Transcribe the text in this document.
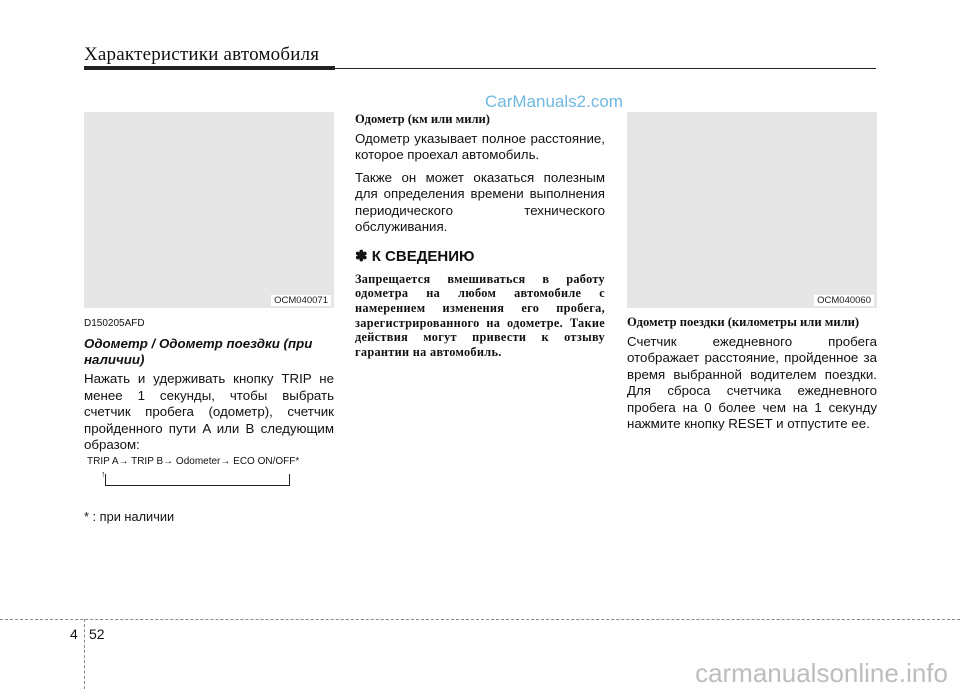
Характеристики автомобиля
CarManuals2.com
OCM040071
D150205AFD
Одометр / Одометр поездки (при наличии)

Нажать и удерживать кнопку TRIP не менее 1 секунды, чтобы выбрать счетчик пробега (одометр), счетчик пройденного пути A или B следующим образом:

TRIP A→ TRIP B→ Odometer→ ECO ON/OFF*
↑
* : при наличии
Одометр (км или мили)

Одометр указывает полное расстояние, которое проехал автомобиль.

Также он может оказаться полезным для определения времени выполнения периодического технического обслуживания.

✽ К СВЕДЕНИЮ
Запрещается вмешиваться в работу одометра на любом автомобиле с намерением изменения его пробега, зарегистрированного на одометре. Такие действия могут привести к отзыву гарантии на автомобиль.
OCM040060
Одометр поездки (километры или мили)

Счетчик ежедневного пробега отображает расстояние, пройденное за время выбранной водителем поездки. Для сброса счетчика ежедневного пробега на 0 более чем на 1 секунду нажмите кнопку RESET и отпустите ее.

4 52
carmanualsonline.info
